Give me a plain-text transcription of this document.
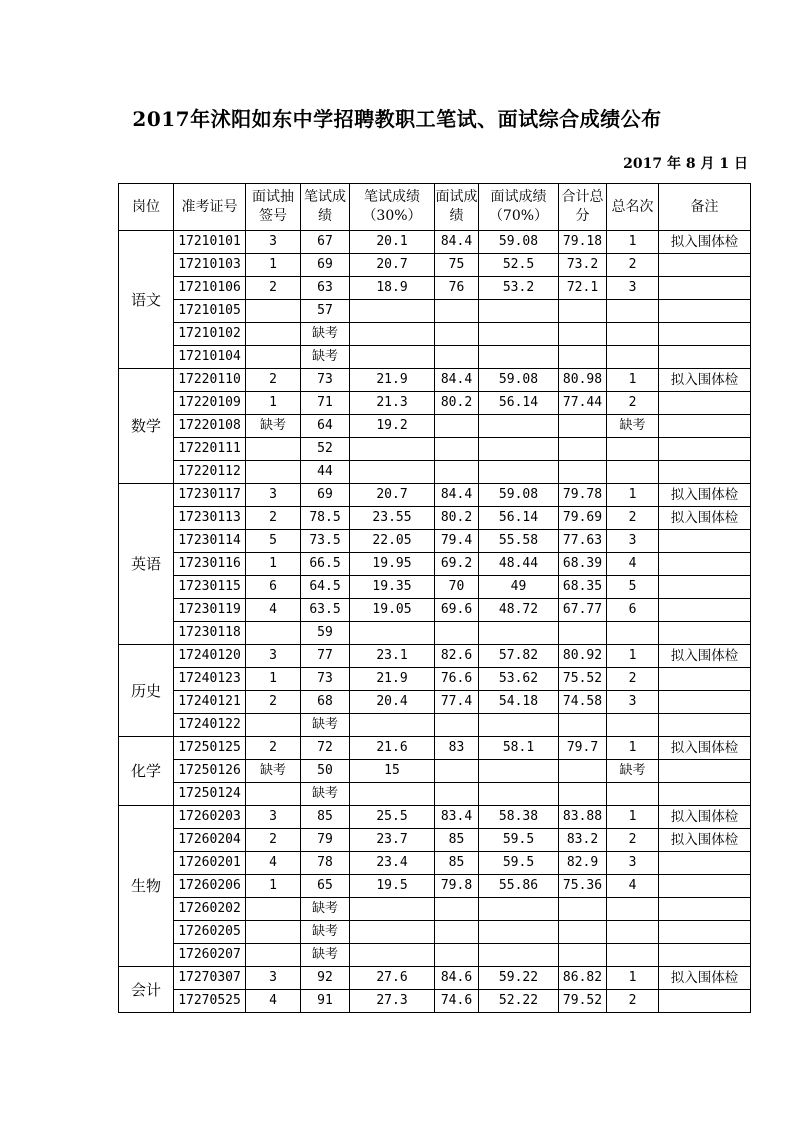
2017年沭阳如东中学招聘教职工笔试、面试综合成绩公布
2017 年 8 月 1 日
岗位	准考证号	面试抽签号	笔试成绩	笔试成绩（30%）	面试成绩	面试成绩（70%）	合计总分	总名次	备注
语文	17210101	3	67	20.1	84.4	59.08	79.18	1	拟入围体检
	17210103	1	69	20.7	75	52.5	73.2	2	
	17210106	2	63	18.9	76	53.2	72.1	3	
	17210105		57						
	17210102		缺考						
	17210104		缺考						
数学	17220110	2	73	21.9	84.4	59.08	80.98	1	拟入围体检
	17220109	1	71	21.3	80.2	56.14	77.44	2	
	17220108	缺考	64	19.2				缺考	
	17220111		52						
	17220112		44						
英语	17230117	3	69	20.7	84.4	59.08	79.78	1	拟入围体检
	17230113	2	78.5	23.55	80.2	56.14	79.69	2	拟入围体检
	17230114	5	73.5	22.05	79.4	55.58	77.63	3	
	17230116	1	66.5	19.95	69.2	48.44	68.39	4	
	17230115	6	64.5	19.35	70	49	68.35	5	
	17230119	4	63.5	19.05	69.6	48.72	67.77	6	
	17230118		59						
历史	17240120	3	77	23.1	82.6	57.82	80.92	1	拟入围体检
	17240123	1	73	21.9	76.6	53.62	75.52	2	
	17240121	2	68	20.4	77.4	54.18	74.58	3	
	17240122		缺考						
化学	17250125	2	72	21.6	83	58.1	79.7	1	拟入围体检
	17250126	缺考	50	15				缺考	
	17250124		缺考						
生物	17260203	3	85	25.5	83.4	58.38	83.88	1	拟入围体检
	17260204	2	79	23.7	85	59.5	83.2	2	拟入围体检
	17260201	4	78	23.4	85	59.5	82.9	3	
	17260206	1	65	19.5	79.8	55.86	75.36	4	
	17260202		缺考						
	17260205		缺考						
	17260207		缺考						
会计	17270307	3	92	27.6	84.6	59.22	86.82	1	拟入围体检
	17270525	4	91	27.3	74.6	52.22	79.52	2	
